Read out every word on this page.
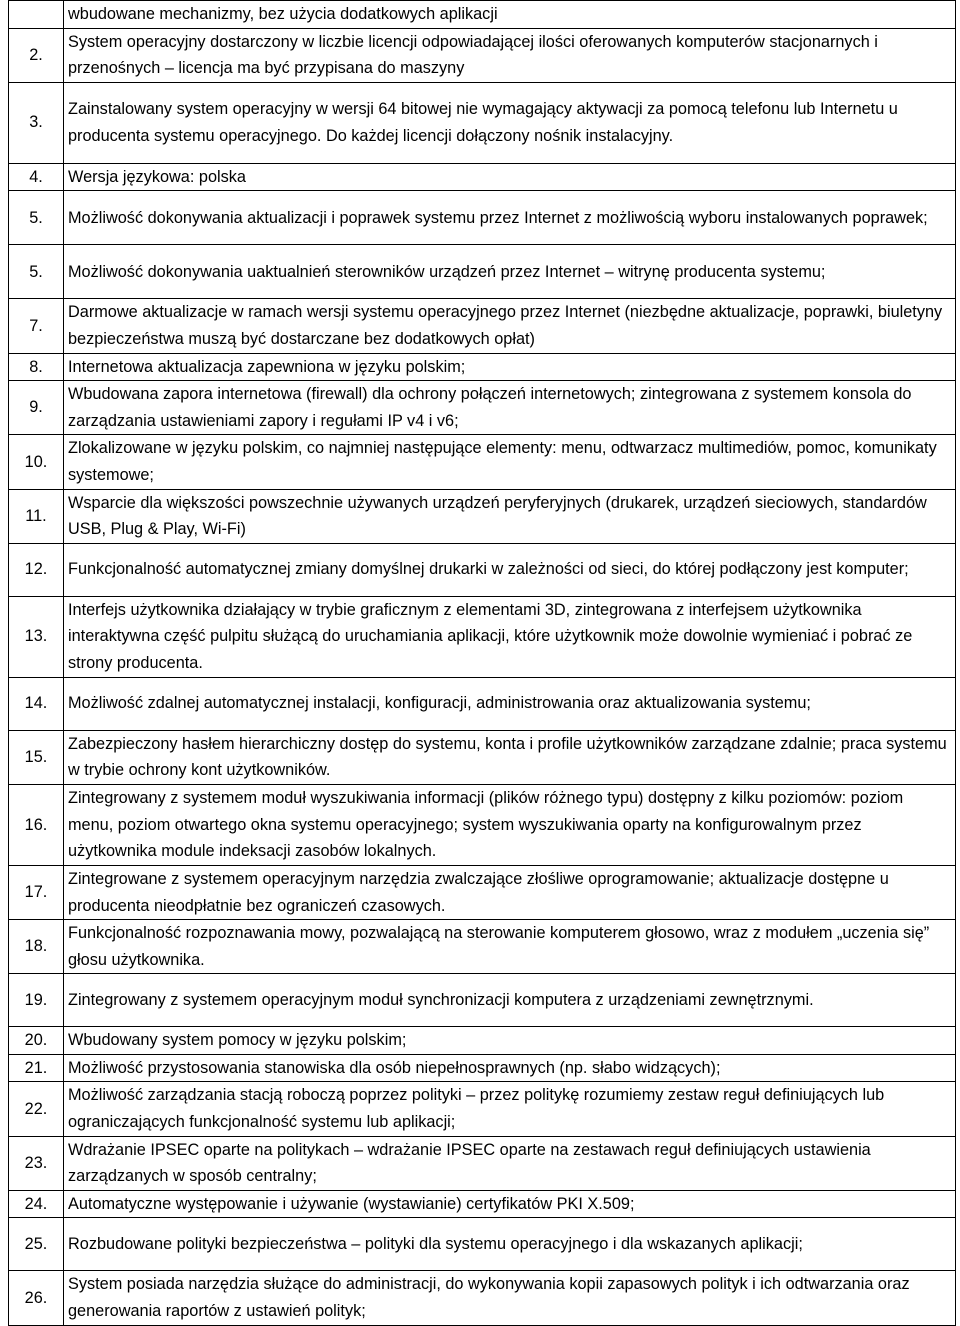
	wbudowane mechanizmy, bez użycia dodatkowych aplikacji
2.	System operacyjny dostarczony w liczbie licencji odpowiadającej ilości oferowanych komputerów stacjonarnych i przenośnych – licencja ma być przypisana do maszyny
3.	Zainstalowany system operacyjny w wersji 64 bitowej nie wymagający aktywacji za pomocą telefonu lub Internetu u producenta systemu operacyjnego. Do każdej licencji dołączony nośnik instalacyjny.
4.	Wersja językowa: polska
5.	Możliwość dokonywania aktualizacji i poprawek systemu przez Internet z możliwością wyboru instalowanych poprawek;
5.	Możliwość dokonywania uaktualnień sterowników urządzeń przez Internet – witrynę producenta systemu;
7.	Darmowe aktualizacje w ramach wersji systemu operacyjnego przez Internet (niezbędne aktualizacje, poprawki, biuletyny bezpieczeństwa muszą być dostarczane bez dodatkowych opłat)
8.	Internetowa aktualizacja zapewniona w języku polskim;
9.	Wbudowana zapora internetowa (firewall) dla ochrony połączeń internetowych; zintegrowana z systemem konsola do zarządzania ustawieniami zapory i regułami IP v4 i v6;
10.	Zlokalizowane w języku polskim, co najmniej następujące elementy: menu, odtwarzacz multimediów, pomoc, komunikaty systemowe;
11.	Wsparcie dla większości powszechnie używanych urządzeń peryferyjnych (drukarek, urządzeń sieciowych, standardów USB, Plug & Play, Wi-Fi)
12.	Funkcjonalność automatycznej zmiany domyślnej drukarki w zależności od sieci, do której podłączony jest komputer;
13.	Interfejs użytkownika działający w trybie graficznym z elementami 3D, zintegrowana z interfejsem użytkownika interaktywna część pulpitu służącą do uruchamiania aplikacji, które użytkownik może dowolnie wymieniać i pobrać ze strony producenta.
14.	Możliwość zdalnej automatycznej instalacji, konfiguracji, administrowania oraz aktualizowania systemu;
15.	Zabezpieczony hasłem hierarchiczny dostęp do systemu, konta i profile użytkowników zarządzane zdalnie; praca systemu w trybie ochrony kont użytkowników.
16.	Zintegrowany z systemem moduł wyszukiwania informacji (plików różnego typu) dostępny z kilku poziomów: poziom menu, poziom otwartego okna systemu operacyjnego; system wyszukiwania oparty na konfigurowalnym przez użytkownika module indeksacji zasobów lokalnych.
17.	Zintegrowane z systemem operacyjnym narzędzia zwalczające złośliwe oprogramowanie; aktualizacje dostępne u producenta nieodpłatnie bez ograniczeń czasowych.
18.	Funkcjonalność rozpoznawania mowy, pozwalającą na sterowanie komputerem głosowo, wraz z modułem „uczenia się” głosu użytkownika.
19.	Zintegrowany z systemem operacyjnym moduł synchronizacji komputera z urządzeniami zewnętrznymi.
20.	Wbudowany system pomocy w języku polskim;
21.	Możliwość przystosowania stanowiska dla osób niepełnosprawnych (np. słabo widzących);
22.	Możliwość zarządzania stacją roboczą poprzez polityki – przez politykę rozumiemy zestaw reguł definiujących lub ograniczających funkcjonalność systemu lub aplikacji;
23.	Wdrażanie IPSEC oparte na politykach – wdrażanie IPSEC oparte na zestawach reguł definiujących ustawienia zarządzanych w sposób centralny;
24.	Automatyczne występowanie i używanie (wystawianie) certyfikatów PKI X.509;
25.	Rozbudowane polityki bezpieczeństwa – polityki dla systemu operacyjnego i dla wskazanych aplikacji;
26.	System posiada narzędzia służące do administracji, do wykonywania kopii zapasowych polityk i ich odtwarzania oraz generowania raportów z ustawień polityk;
